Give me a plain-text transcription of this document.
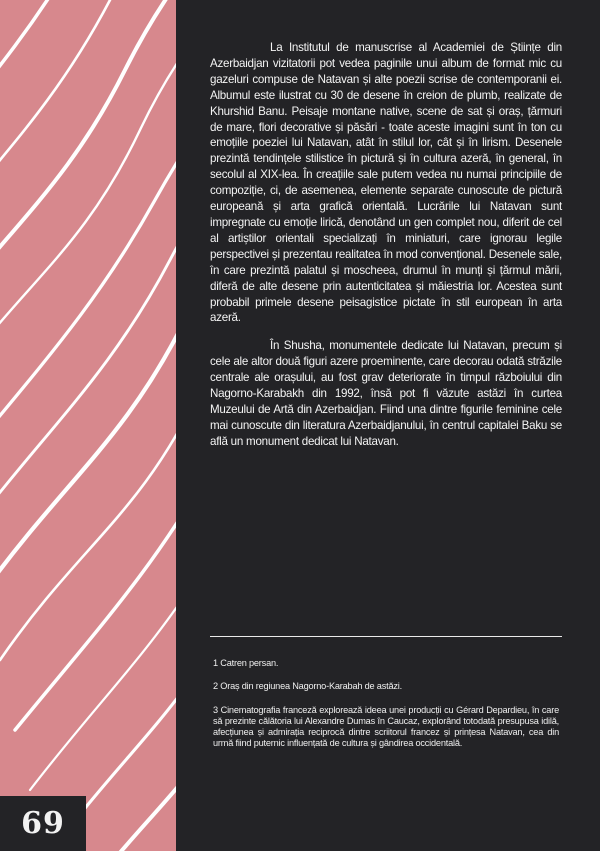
69

La Institutul de manuscrise al Academiei de Științe din Azerbaidjan vizitatorii pot vedea paginile unui album de format mic cu gazeluri compuse de Natavan și alte poezii scrise de contemporanii ei. Albumul este ilustrat cu 30 de desene în creion de plumb, realizate de Khurshid Banu. Peisaje montane native, scene de sat și oraș, țărmuri de mare, flori decorative și păsări - toate aceste imagini sunt în ton cu emoțiile poeziei lui Natavan, atât în stilul lor, cât și în lirism. Desenele prezintă tendințele stilistice în pictură și în cultura azeră, în general, în secolul al XIX-lea. În creațiile sale putem vedea nu numai principiile de compoziție, ci, de asemenea, elemente separate cunoscute de pictură europeană și arta grafică orientală. Lucrările lui Natavan sunt impregnate cu emoție lirică, denotând un gen complet nou, diferit de cel al artiștilor orientali specializați în miniaturi, care ignorau legile perspectivei și prezentau realitatea în mod convențional. Desenele sale, în care prezintă palatul și moscheea, drumul în munți și țărmul mării, diferă de alte desene prin autenticitatea și măiestria lor. Acestea sunt probabil primele desene peisagistice pictate în stil european în arta azeră.

În Shusha, monumentele dedicate lui Natavan, precum și cele ale altor două figuri azere proeminente, care decorau odată străzile centrale ale orașului, au fost grav deteriorate în timpul războiului din Nagorno-Karabakh din 1992, însă pot fi văzute astăzi în curtea Muzeului de Artă din Azerbaidjan. Fiind una dintre figurile feminine cele mai cunoscute din literatura Azerbaidjanului, în centrul capitalei Baku se află un monument dedicat lui Natavan.

1 Catren persan.

2 Oraș din regiunea Nagorno-Karabah de astăzi.

3 Cinematografia franceză explorează ideea unei producții cu Gérard Depardieu, în care să prezinte călătoria lui Alexandre Dumas în Caucaz, explorând totodată presupusa idilă, afecțiunea și admirația reciprocă dintre scriitorul francez și prințesa Natavan, cea din urmă fiind puternic influențată de cultura și gândirea occidentală.
